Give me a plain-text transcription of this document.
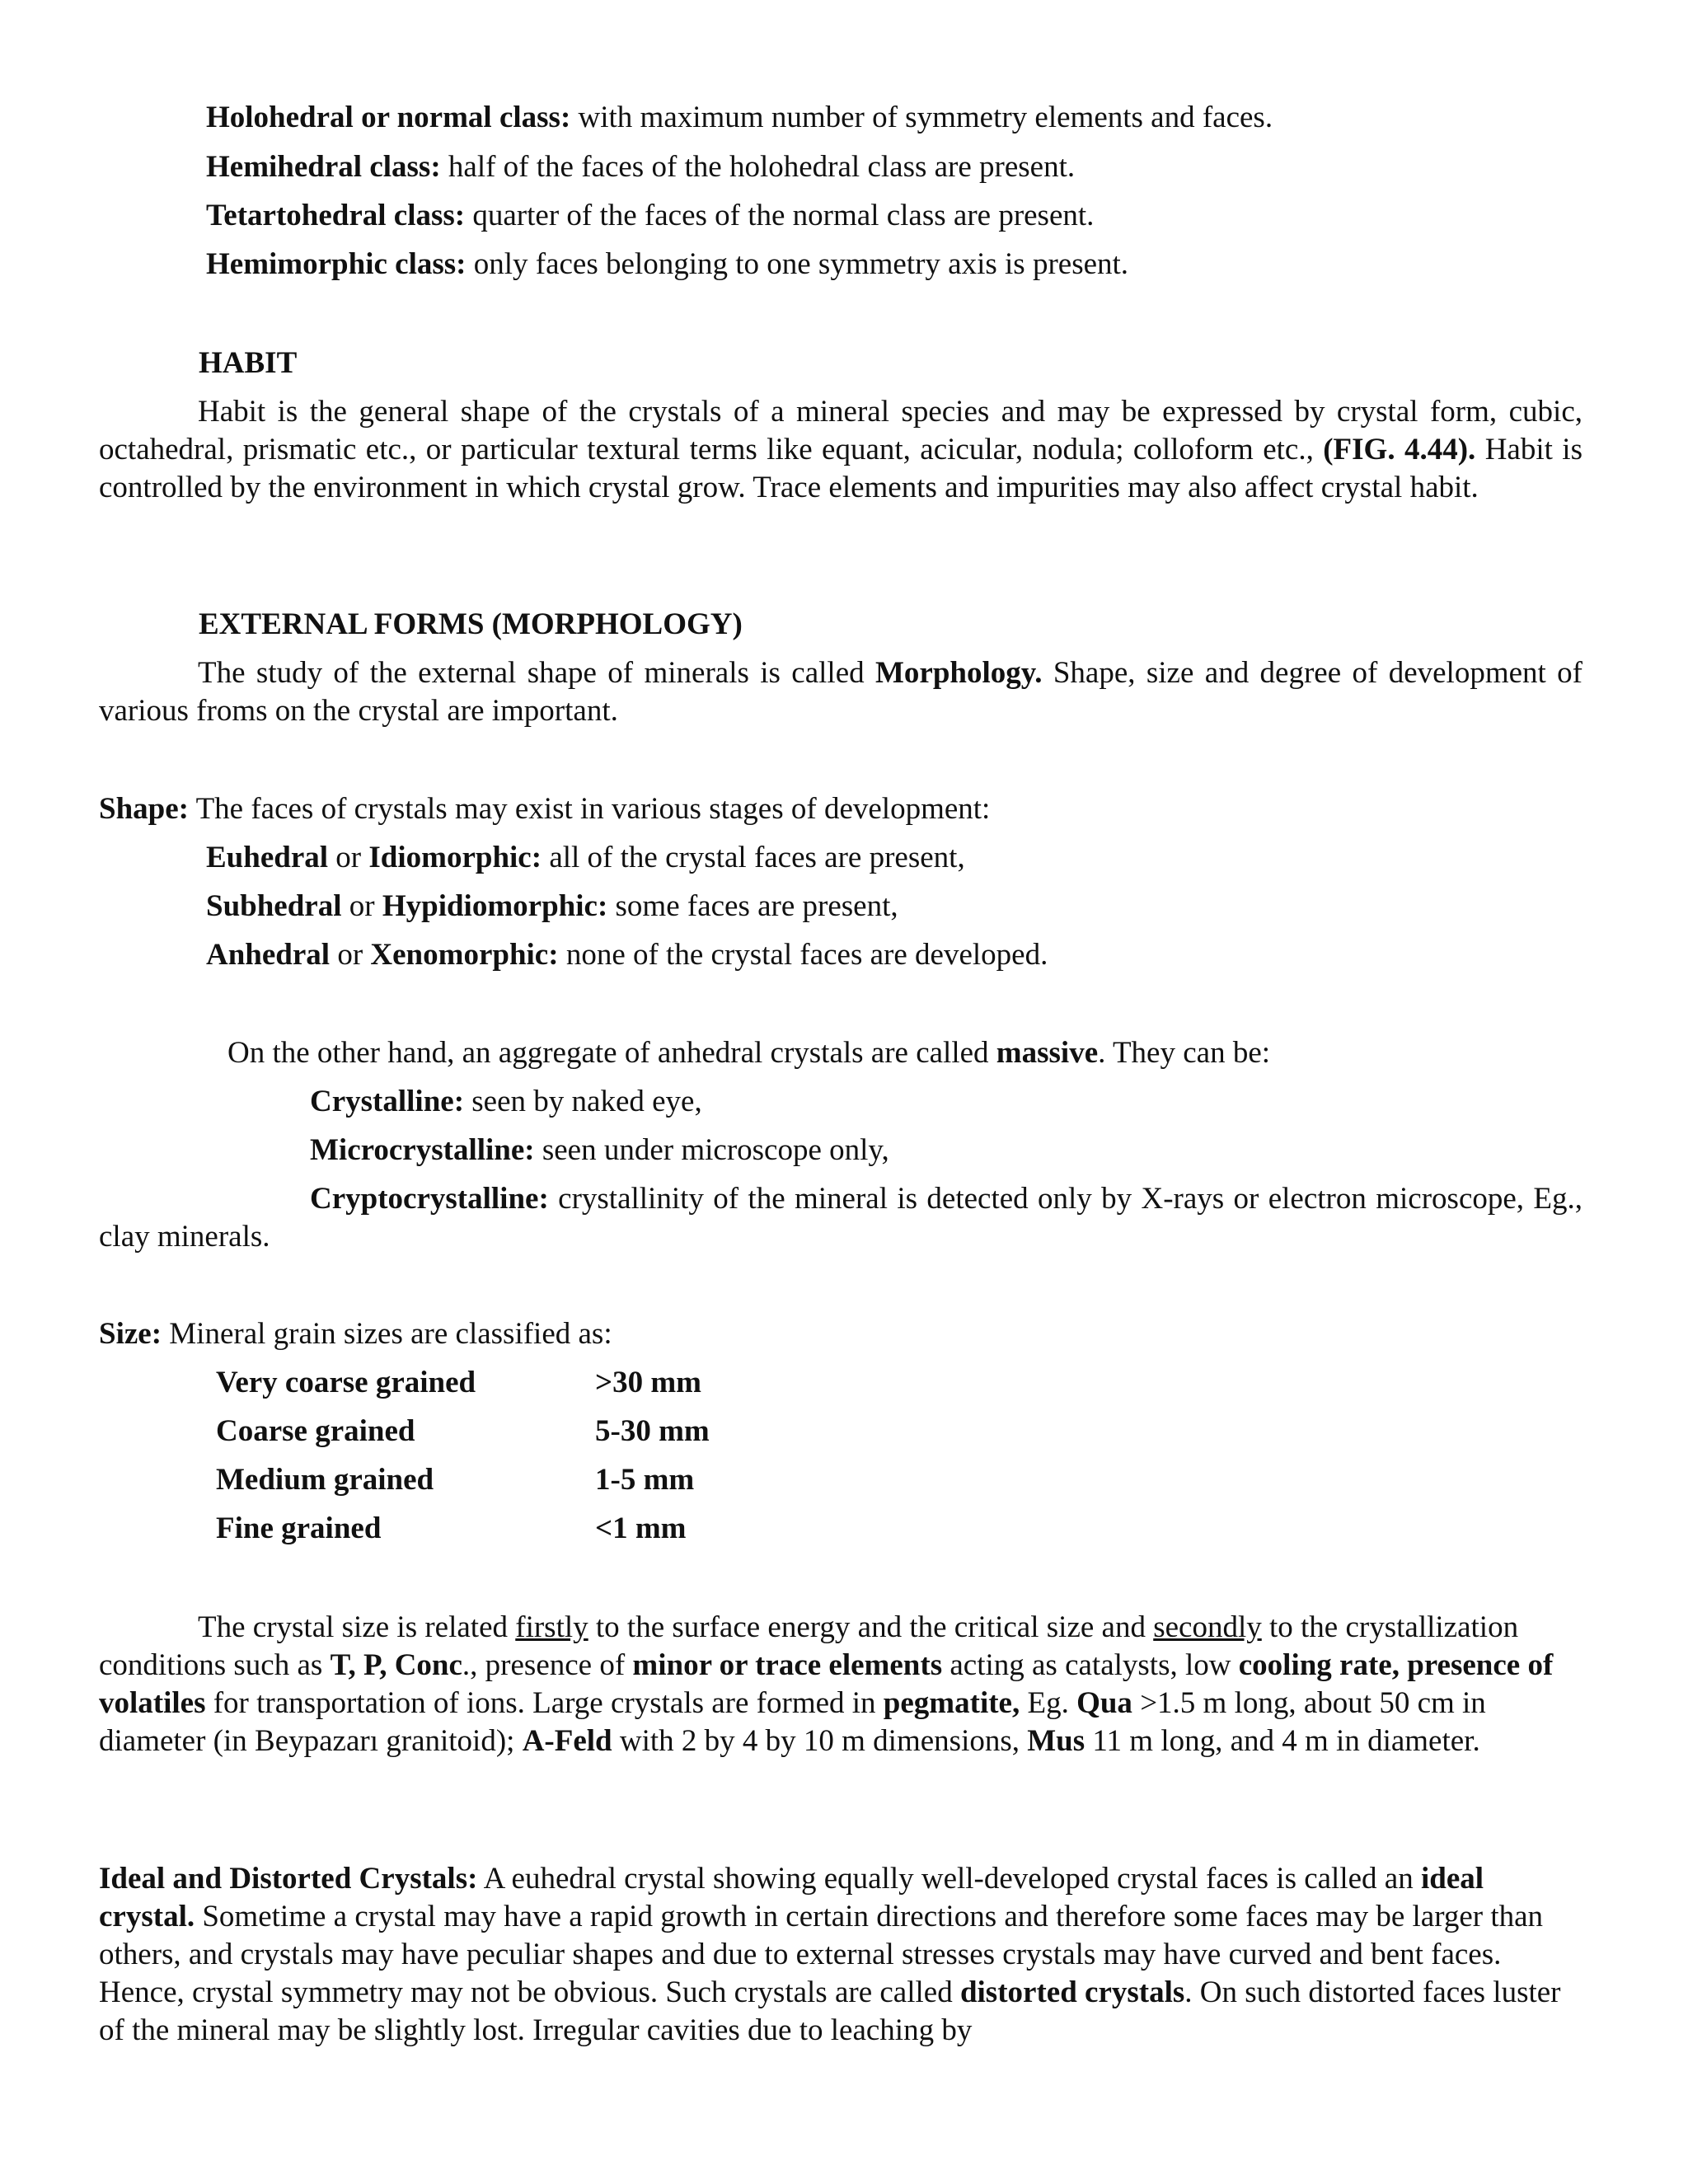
Holohedral or normal class: with maximum number of symmetry elements and faces.
Hemihedral class: half of the faces of the holohedral class are present.
Tetartohedral class: quarter of the faces of the normal class are present.
Hemimorphic class: only faces belonging to one symmetry axis is present.
HABIT
Habit is the general shape of the crystals of a mineral species and may be expressed by crystal form, cubic, octahedral, prismatic etc., or particular textural terms like equant, acicular, nodula; colloform etc., (FIG. 4.44). Habit is controlled by the environment in which crystal grow. Trace elements and impurities may also affect crystal habit.
EXTERNAL FORMS (MORPHOLOGY)
The study of the external shape of minerals is called Morphology. Shape, size and degree of development of various froms on the crystal are important.
Shape: The faces of crystals may exist in various stages of development:
Euhedral or Idiomorphic: all of the crystal faces are present,
Subhedral or Hypidiomorphic: some faces are present,
Anhedral or Xenomorphic: none of the crystal faces are developed.
On the other hand, an aggregate of anhedral crystals are called massive. They can be:
Crystalline: seen by naked eye,
Microcrystalline: seen under microscope only,
Cryptocrystalline: crystallinity of the mineral is detected only by X-rays or electron microscope, Eg., clay minerals.
Size: Mineral grain sizes are classified as:
Very coarse grained	>30 mm
Coarse grained	5-30 mm
Medium grained	1-5 mm
Fine grained	<1 mm
The crystal size is related firstly to the surface energy and the critical size and secondly to the crystallization conditions such as T, P, Conc., presence of minor or trace elements acting as catalysts, low cooling rate, presence of volatiles for transportation of ions. Large crystals are formed in pegmatite, Eg. Qua >1.5 m long, about 50 cm in diameter (in Beypazarı granitoid); A-Feld with 2 by 4 by 10 m dimensions, Mus 11 m long, and 4 m in diameter.
Ideal and Distorted Crystals: A euhedral crystal showing equally well-developed crystal faces is called an ideal crystal. Sometime a crystal may have a rapid growth in certain directions and therefore some faces may be larger than others, and crystals may have peculiar shapes and due to external stresses crystals may have curved and bent faces. Hence, crystal symmetry may not be obvious. Such crystals are called distorted crystals. On such distorted faces luster of the mineral may be slightly lost. Irregular cavities due to leaching by
